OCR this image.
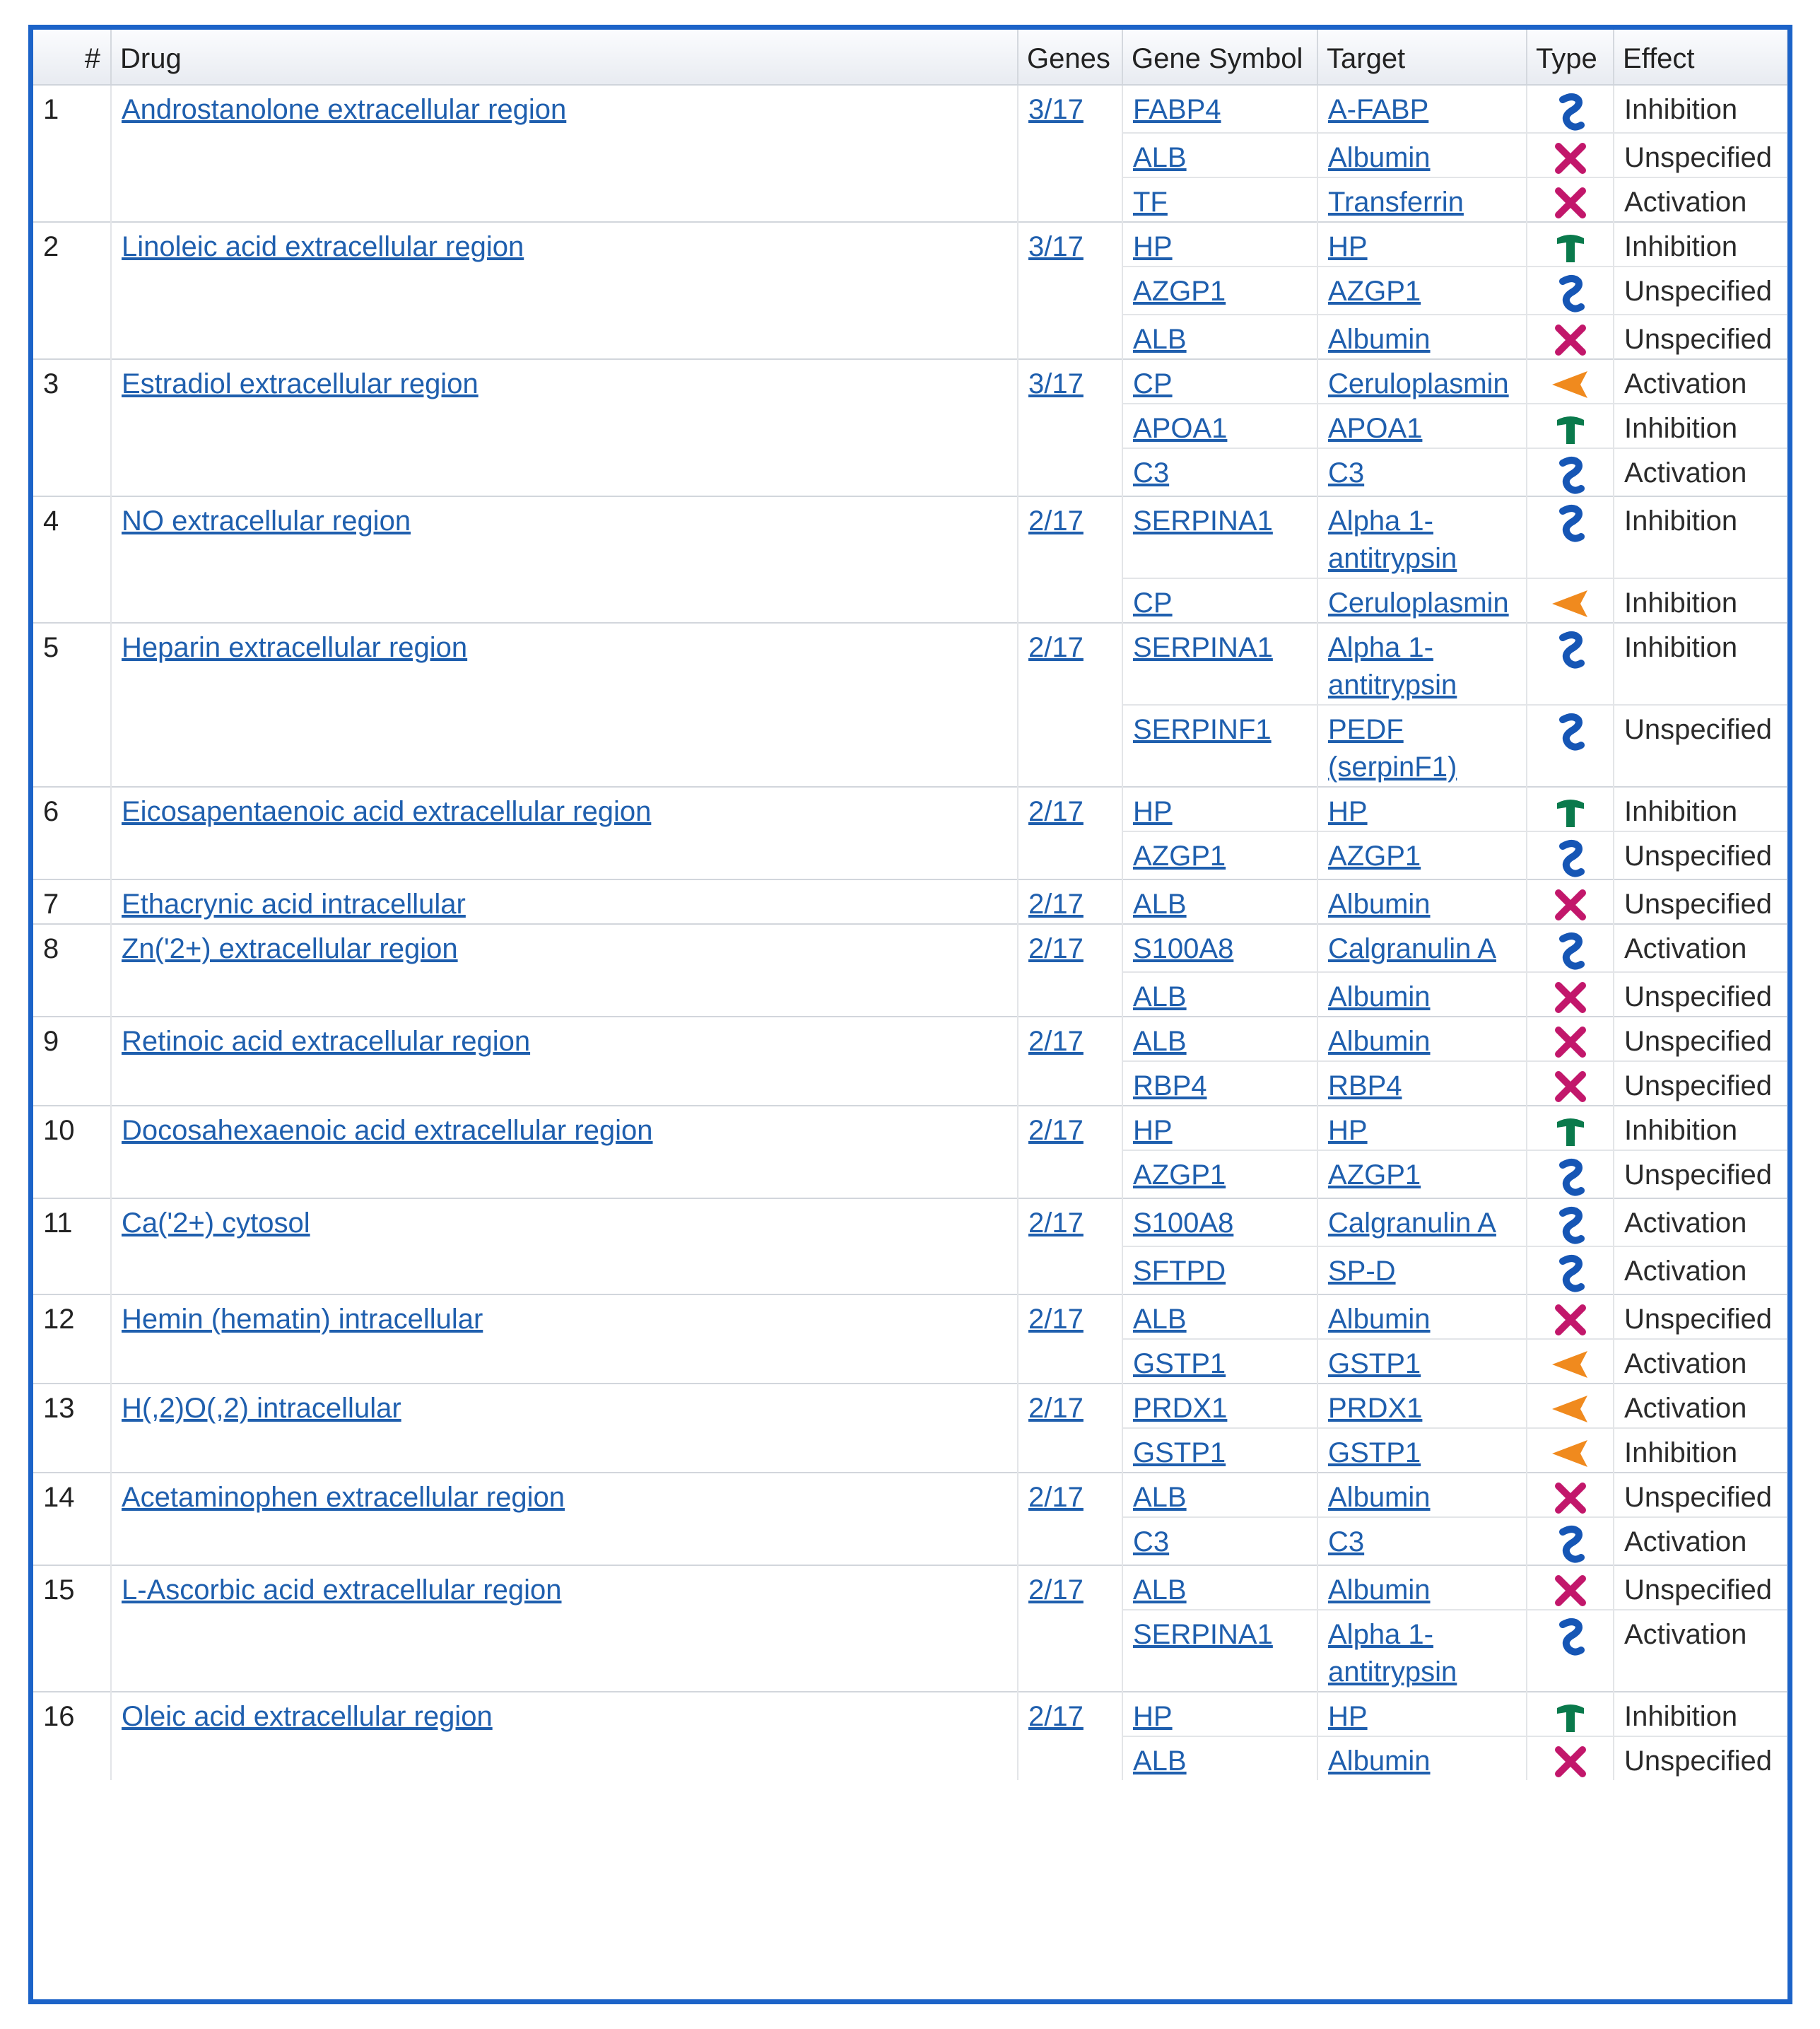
#	Drug	Genes	Gene Symbol	Target	Type	Effect
1	Androstanolone extracellular region	3/17	FABP4	A-FABP		Inhibition
			ALB	Albumin		Unspecified
			TF	Transferrin		Activation
2	Linoleic acid extracellular region	3/17	HP	HP		Inhibition
			AZGP1	AZGP1		Unspecified
			ALB	Albumin		Unspecified
3	Estradiol extracellular region	3/17	CP	Ceruloplasmin		Activation
			APOA1	APOA1		Inhibition
			C3	C3		Activation
4	NO extracellular region	2/17	SERPINA1	Alpha 1-antitrypsin		Inhibition
			CP	Ceruloplasmin		Inhibition
5	Heparin extracellular region	2/17	SERPINA1	Alpha 1-antitrypsin		Inhibition
			SERPINF1	PEDF (serpinF1)		Unspecified
6	Eicosapentaenoic acid extracellular region	2/17	HP	HP		Inhibition
			AZGP1	AZGP1		Unspecified
7	Ethacrynic acid intracellular	2/17	ALB	Albumin		Unspecified
8	Zn('2+) extracellular region	2/17	S100A8	Calgranulin A		Activation
			ALB	Albumin		Unspecified
9	Retinoic acid extracellular region	2/17	ALB	Albumin		Unspecified
			RBP4	RBP4		Unspecified
10	Docosahexaenoic acid extracellular region	2/17	HP	HP		Inhibition
			AZGP1	AZGP1		Unspecified
11	Ca('2+) cytosol	2/17	S100A8	Calgranulin A		Activation
			SFTPD	SP-D		Activation
12	Hemin (hematin) intracellular	2/17	ALB	Albumin		Unspecified
			GSTP1	GSTP1		Activation
13	H(,2)O(,2) intracellular	2/17	PRDX1	PRDX1		Activation
			GSTP1	GSTP1		Inhibition
14	Acetaminophen extracellular region	2/17	ALB	Albumin		Unspecified
			C3	C3		Activation
15	L-Ascorbic acid extracellular region	2/17	ALB	Albumin		Unspecified
			SERPINA1	Alpha 1-antitrypsin		Activation
16	Oleic acid extracellular region	2/17	HP	HP		Inhibition
			ALB	Albumin		Unspecified
